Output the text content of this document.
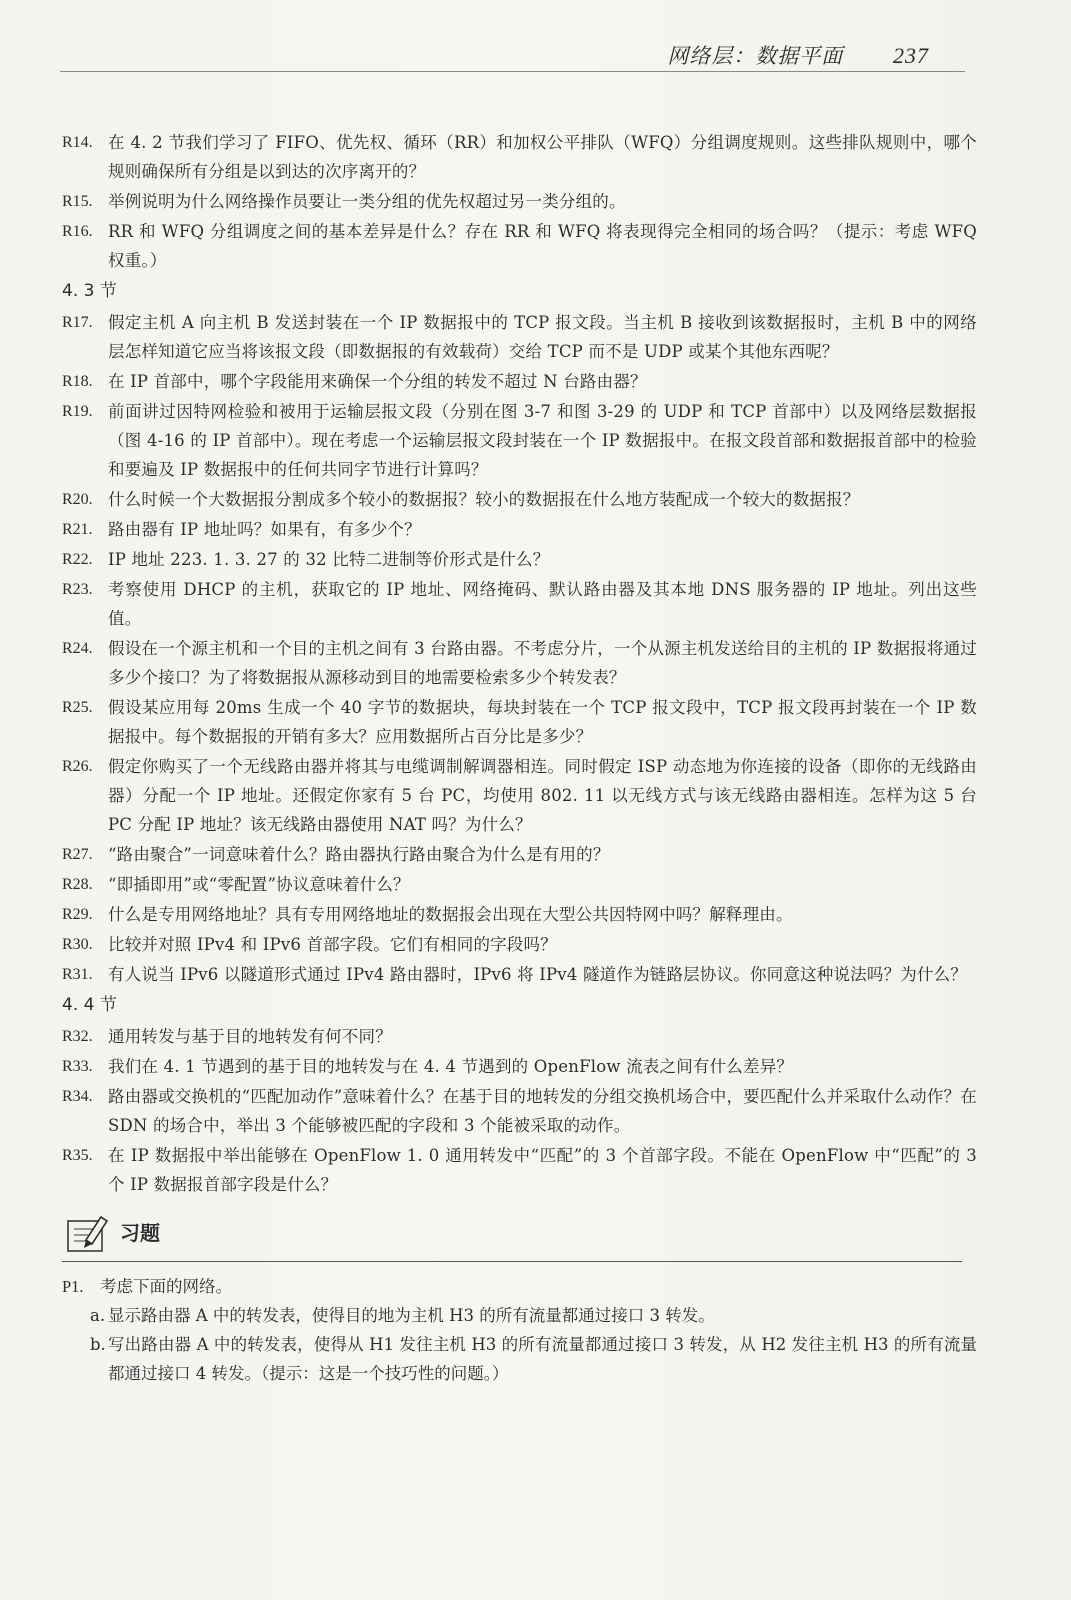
网络层：数据平面 237
R14. 在 4. 2 节我们学习了 FIFO、优先权、循环（RR）和加权公平排队（WFQ）分组调度规则。这些排队规则中，哪个规则确保所有分组是以到达的次序离开的？
R15. 举例说明为什么网络操作员要让一类分组的优先权超过另一类分组的。
R16. RR 和 WFQ 分组调度之间的基本差异是什么？存在 RR 和 WFQ 将表现得完全相同的场合吗？（提示：考虑 WFQ 权重。）
4. 3 节
R17. 假定主机 A 向主机 B 发送封装在一个 IP 数据报中的 TCP 报文段。当主机 B 接收到该数据报时，主机 B 中的网络层怎样知道它应当将该报文段（即数据报的有效载荷）交给 TCP 而不是 UDP 或某个其他东西呢？
R18. 在 IP 首部中，哪个字段能用来确保一个分组的转发不超过 N 台路由器？
R19. 前面讲过因特网检验和被用于运输层报文段（分别在图 3-7 和图 3-29 的 UDP 和 TCP 首部中）以及网络层数据报（图 4-16 的 IP 首部中）。现在考虑一个运输层报文段封装在一个 IP 数据报中。在报文段首部和数据报首部中的检验和要遍及 IP 数据报中的任何共同字节进行计算吗？
R20. 什么时候一个大数据报分割成多个较小的数据报？较小的数据报在什么地方装配成一个较大的数据报？
R21. 路由器有 IP 地址吗？如果有，有多少个？
R22. IP 地址 223. 1. 3. 27 的 32 比特二进制等价形式是什么？
R23. 考察使用 DHCP 的主机，获取它的 IP 地址、网络掩码、默认路由器及其本地 DNS 服务器的 IP 地址。列出这些值。
R24. 假设在一个源主机和一个目的主机之间有 3 台路由器。不考虑分片，一个从源主机发送给目的主机的 IP 数据报将通过多少个接口？为了将数据报从源移动到目的地需要检索多少个转发表？
R25. 假设某应用每 20ms 生成一个 40 字节的数据块，每块封装在一个 TCP 报文段中，TCP 报文段再封装在一个 IP 数据报中。每个数据报的开销有多大？应用数据所占百分比是多少？
R26. 假定你购买了一个无线路由器并将其与电缆调制解调器相连。同时假定 ISP 动态地为你连接的设备（即你的无线路由器）分配一个 IP 地址。还假定你家有 5 台 PC，均使用 802. 11 以无线方式与该无线路由器相连。怎样为这 5 台 PC 分配 IP 地址？该无线路由器使用 NAT 吗？为什么？
R27. “路由聚合”一词意味着什么？路由器执行路由聚合为什么是有用的？
R28. “即插即用”或“零配置”协议意味着什么？
R29. 什么是专用网络地址？具有专用网络地址的数据报会出现在大型公共因特网中吗？解释理由。
R30. 比较并对照 IPv4 和 IPv6 首部字段。它们有相同的字段吗？
R31. 有人说当 IPv6 以隧道形式通过 IPv4 路由器时，IPv6 将 IPv4 隧道作为链路层协议。你同意这种说法吗？为什么？
4. 4 节
R32. 通用转发与基于目的地转发有何不同？
R33. 我们在 4. 1 节遇到的基于目的地转发与在 4. 4 节遇到的 OpenFlow 流表之间有什么差异？
R34. 路由器或交换机的“匹配加动作”意味着什么？在基于目的地转发的分组交换机场合中，要匹配什么并采取什么动作？在 SDN 的场合中，举出 3 个能够被匹配的字段和 3 个能被采取的动作。
R35. 在 IP 数据报中举出能够在 OpenFlow 1. 0 通用转发中“匹配”的 3 个首部字段。不能在 OpenFlow 中“匹配”的 3 个 IP 数据报首部字段是什么？
习题
P1. 考虑下面的网络。
a. 显示路由器 A 中的转发表，使得目的地为主机 H3 的所有流量都通过接口 3 转发。
b. 写出路由器 A 中的转发表，使得从 H1 发往主机 H3 的所有流量都通过接口 3 转发，从 H2 发往主机 H3 的所有流量都通过接口 4 转发。（提示：这是一个技巧性的问题。）
